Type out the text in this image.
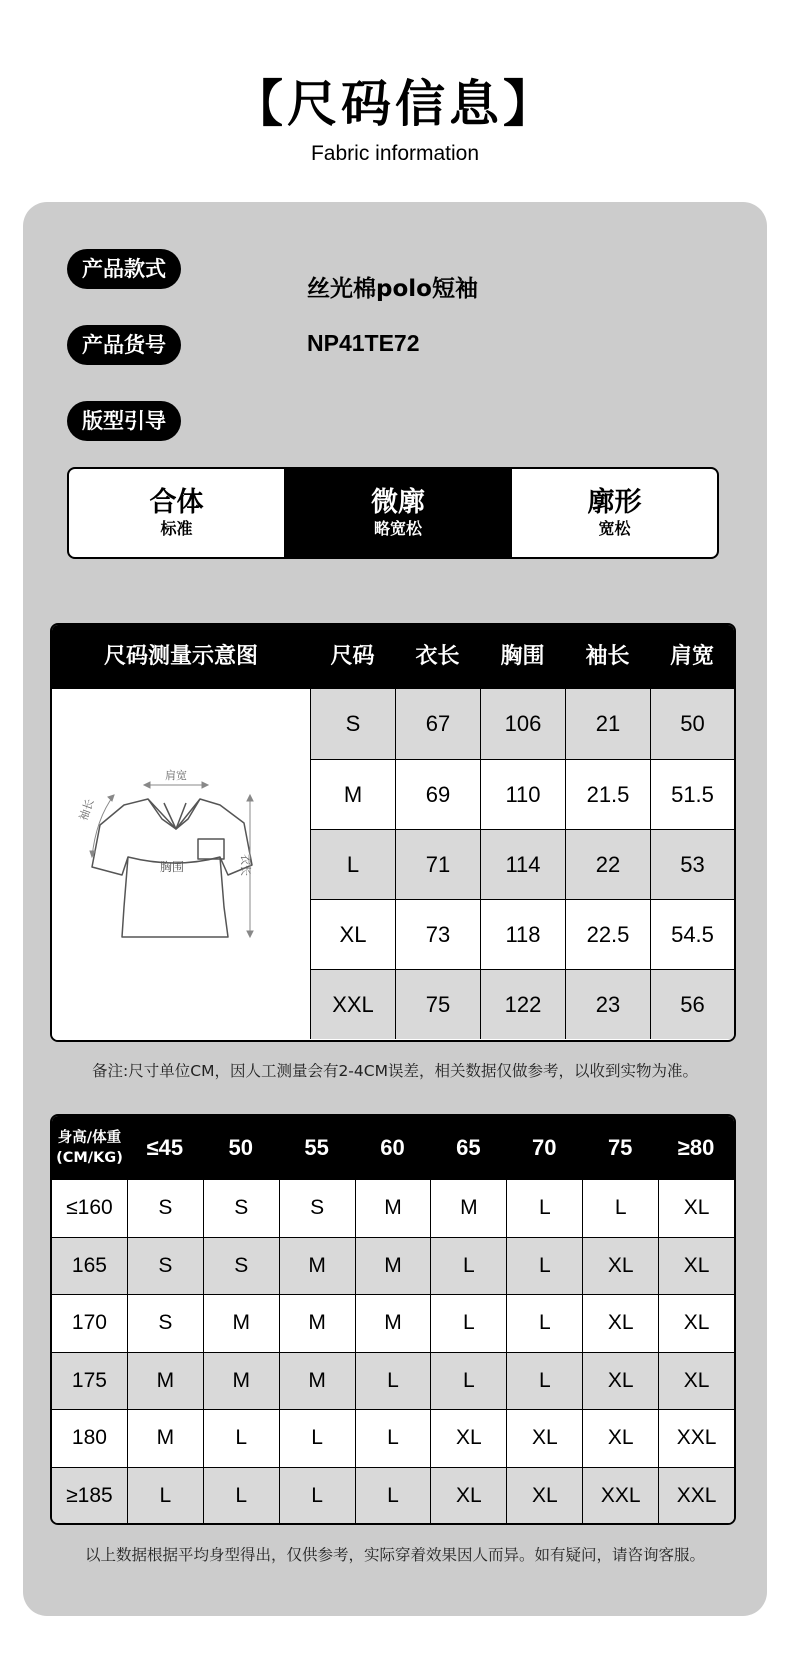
【尺码信息】
Fabric information
产品款式
丝光棉polo短袖
产品货号	NP41TE72
版型引导
合体
标准
微廓
略宽松
廓形
宽松
尺码测量示意图	尺码	衣长	胸围	袖长	肩宽
肩宽
衣长
袖长
胸围
S	67	106	21	50
M	69	110	21.5	51.5
L	71	114	22	53
XL	73	118	22.5	54.5
XXL	75	122	23	56
备注:尺寸单位CM，因人工测量会有2-4CM误差，相关数据仅做参考，以收到实物为准。
身高/体重
(CM/KG)	≤45	50	55	60	65	70	75	≥80
≤160	S	S	S	M	M	L	L	XL
165	S	S	M	M	L	L	XL	XL
170	S	M	M	M	L	L	XL	XL
175	M	M	M	L	L	L	XL	XL
180	M	L	L	L	XL	XL	XL	XXL
≥185	L	L	L	L	XL	XL	XXL	XXL
以上数据根据平均身型得出，仅供参考，实际穿着效果因人而异。如有疑问，请咨询客服。
